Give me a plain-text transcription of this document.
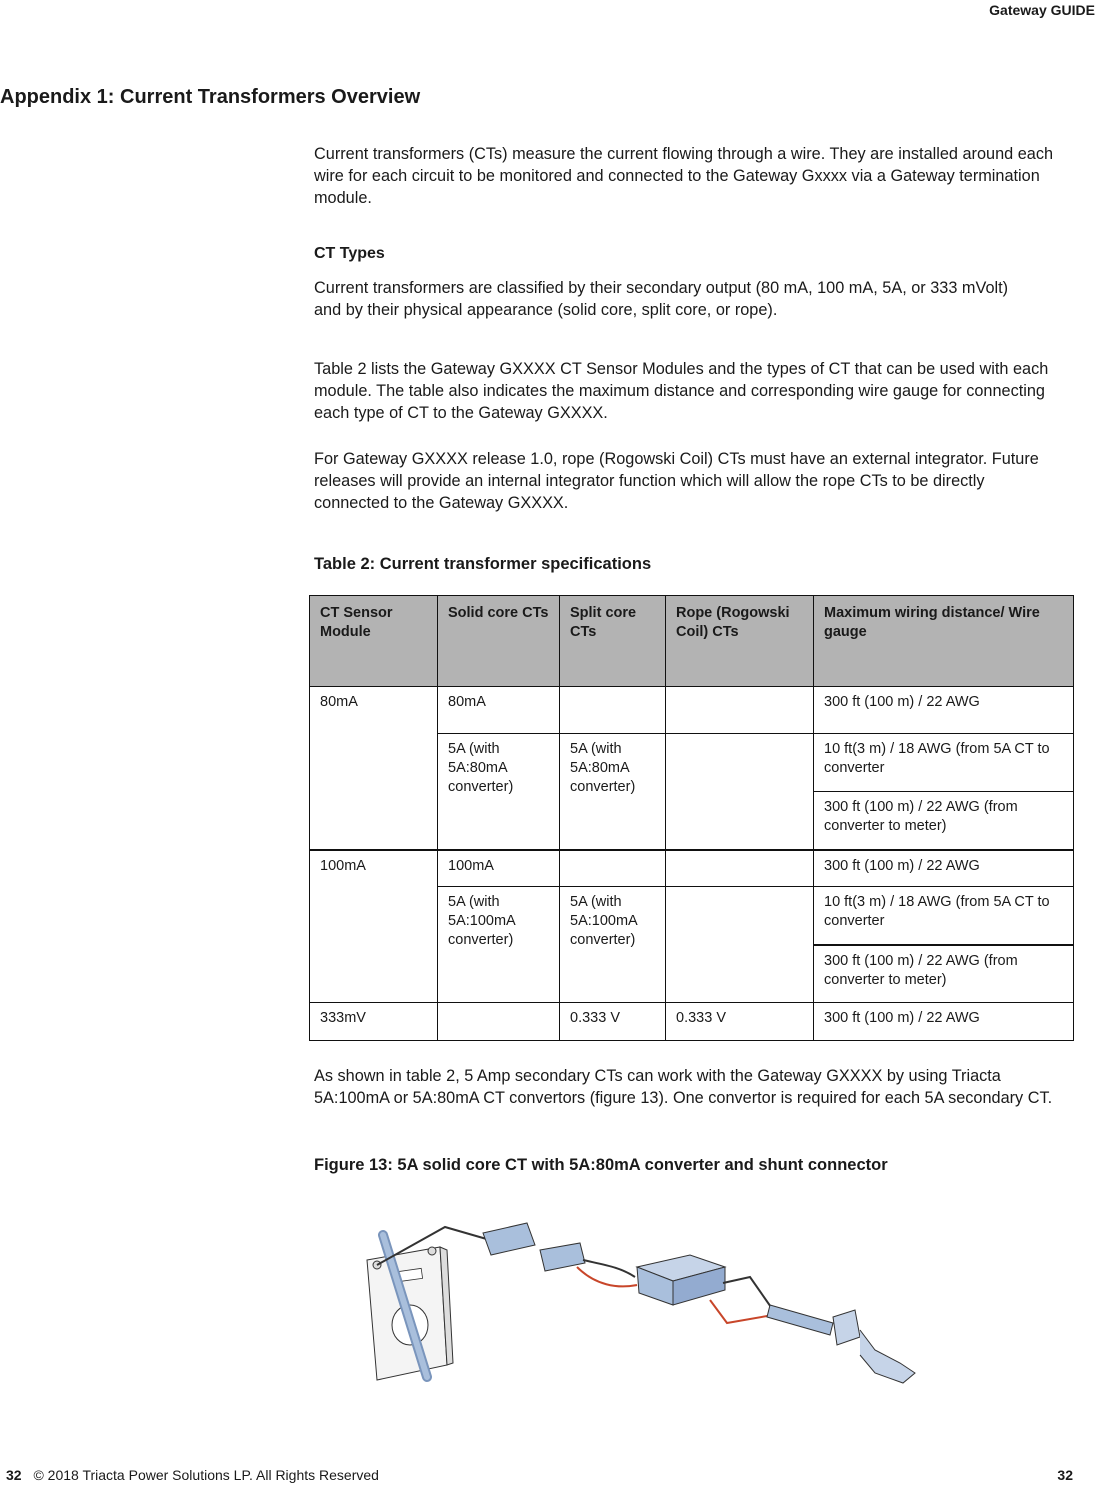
Gateway GUIDE
Appendix 1: Current Transformers Overview

Current transformers (CTs) measure the current flowing through a wire. They are installed around each wire for each circuit to be monitored and connected to the Gateway Gxxxx via a Gateway termination module.

CT Types

Current transformers are classified by their secondary output (80 mA, 100 mA, 5A, or 333 mVolt) and by their physical appearance (solid core, split core, or rope).

Table 2 lists the Gateway GXXXX CT Sensor Modules and the types of CT that can be used with each module. The table also indicates the maximum distance and corresponding wire gauge for connecting each type of CT to the Gateway GXXXX.

For Gateway GXXXX release 1.0, rope (Rogowski Coil) CTs must have an external integrator. Future releases will provide an internal integrator function which will allow the rope CTs to be directly connected to the Gateway GXXXX.

Table 2: Current transformer specifications
CT Sensor Module	Solid core CTs	Split core CTs	Rope (Rogowski Coil) CTs	Maximum wiring distance/ Wire gauge
80mA	80mA			300 ft (100 m) / 22 AWG
	5A (with 5A:80mA converter)	5A (with 5A:80mA converter)		10 ft(3 m) / 18 AWG (from 5A CT to converter
				300 ft (100 m) / 22 AWG (from converter to meter)
100mA	100mA			300 ft (100 m) / 22 AWG
	5A (with 5A:100mA converter)	5A (with 5A:100mA converter)		10 ft(3 m) / 18 AWG (from 5A CT to converter
				300 ft (100 m) / 22 AWG (from converter to meter)
333mV		0.333 V	0.333 V	300 ft (100 m) / 22 AWG

As shown in table 2, 5 Amp secondary CTs can work with the Gateway GXXXX by using Triacta 5A:100mA or 5A:80mA CT convertors (figure 13). One convertor is required for each 5A secondary CT.

Figure 13: 5A solid core CT with 5A:80mA converter and shunt connector
32 © 2018 Triacta Power Solutions LP. All Rights Reserved	32
